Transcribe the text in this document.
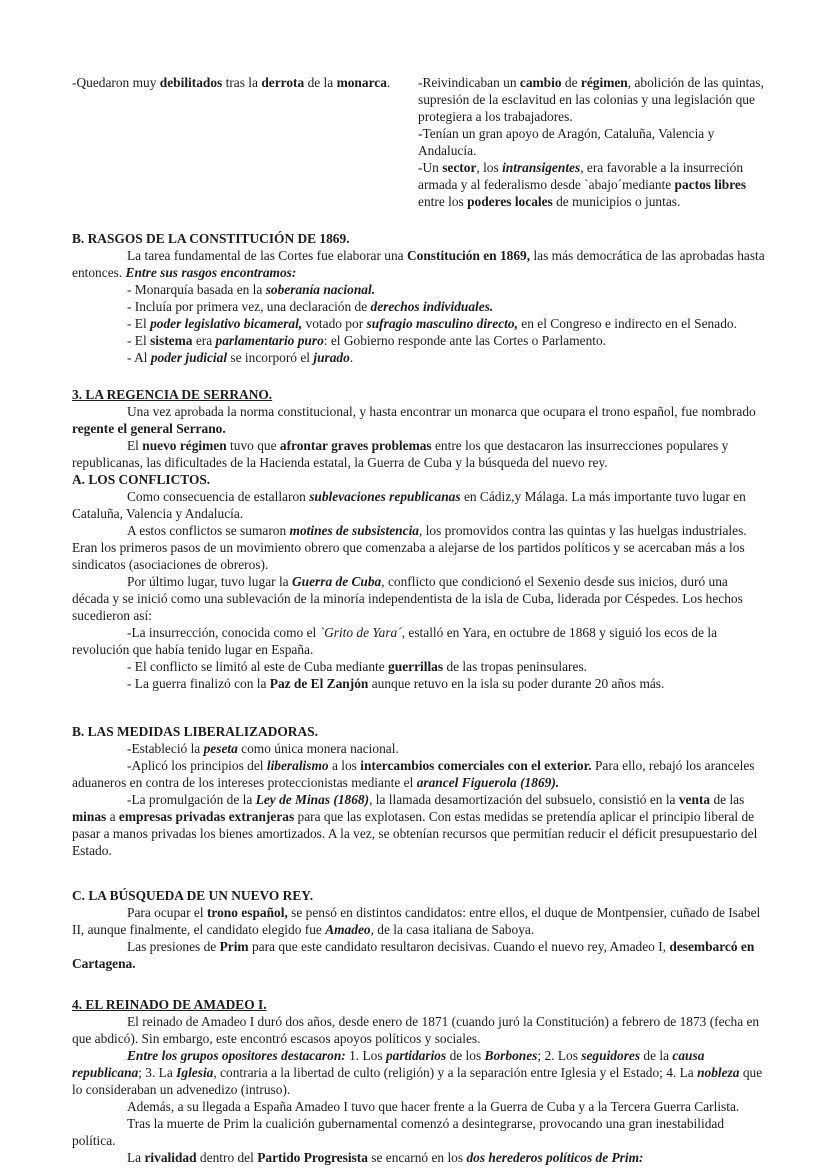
-Quedaron muy debilitados tras la derrota de la monarca.	-Reivindicaban un cambio de régimen, abolición de las quintas, supresión de la esclavitud en las colonias y una legislación que protegiera a los trabajadores.
-Tenían un gran apoyo de Aragón, Cataluña, Valencia y Andalucía.
-Un sector, los intransigentes, era favorable a la insurreción armada y al federalismo desde `abajo´mediante pactos libres entre los poderes locales de municipios o juntas.
B. RASGOS DE LA CONSTITUCIÓN DE 1869.
La tarea fundamental de las Cortes fue elaborar una Constitución en 1869, las más democrática de las aprobadas hasta entonces. Entre sus rasgos encontramos:
- Monarquía basada en la soberanía nacional.
- Incluía por primera vez, una declaración de derechos individuales.
- El poder legislativo bicameral, votado por sufragio masculino directo, en el Congreso e indirecto en el Senado.
- El sistema era parlamentario puro: el Gobierno responde ante las Cortes o Parlamento.
- Al poder judicial se incorporó el jurado.
3. LA REGENCIA DE SERRANO.
Una vez aprobada la norma constitucional, y hasta encontrar un monarca que ocupara el trono español, fue nombrado regente el general Serrano.
El nuevo régimen tuvo que afrontar graves problemas entre los que destacaron las insurrecciones populares y republicanas, las dificultades de la Hacienda estatal, la Guerra de Cuba y la búsqueda del nuevo rey.
A. LOS CONFLICTOS.
Como consecuencia de estallaron sublevaciones republicanas en Cádiz,y Málaga. La más importante tuvo lugar en Cataluña, Valencia y Andalucía.
A estos conflictos se sumaron motines de subsistencia, los promovidos contra las quintas y las huelgas industriales. Eran los primeros pasos de un movimiento obrero que comenzaba a alejarse de los partidos políticos y se acercaban más a los sindicatos (asociaciones de obreros).
Por último lugar, tuvo lugar la Guerra de Cuba, conflicto que condicionó el Sexenio desde sus inicios, duró una década y se inició como una sublevación de la minoría independentista de la isla de Cuba, liderada por Céspedes. Los hechos sucedieron así:
-La insurrección, conocida como el `Grito de Yara´, estalló en Yara, en octubre de 1868 y siguió los ecos de la revolución que había tenido lugar en España.
- El conflicto se limitó al este de Cuba mediante guerrillas de las tropas peninsulares.
- La guerra finalizó con la Paz de El Zanjón aunque retuvo en la isla su poder durante 20 años más.
B. LAS MEDIDAS LIBERALIZADORAS.
-Estableció la peseta como única monera nacional.
-Aplicó los principios del liberalismo a los intercambios comerciales con el exterior. Para ello, rebajó los aranceles aduaneros en contra de los intereses proteccionistas mediante el arancel Figuerola (1869).
-La promulgación de la Ley de Minas (1868), la llamada desamortización del subsuelo, consistió en la venta de las minas a empresas privadas extranjeras para que las explotasen. Con estas medidas se pretendía aplicar el principio liberal de pasar a manos privadas los bienes amortizados. A la vez, se obtenían recursos que permitían reducir el déficit presupuestario del Estado.
C. LA BÚSQUEDA DE UN NUEVO REY.
Para ocupar el trono español, se pensó en distintos candidatos: entre ellos, el duque de Montpensier, cuñado de Isabel II, aunque finalmente, el candidato elegido fue Amadeo, de la casa italiana de Saboya.
Las presiones de Prim para que este candidato resultaron decisivas. Cuando el nuevo rey, Amadeo I, desembarcó en Cartagena.
4. EL REINADO DE AMADEO I.
El reinado de Amadeo I duró dos años, desde enero de 1871 (cuando juró la Constitución) a febrero de 1873 (fecha en que abdicó). Sin embargo, este encontró escasos apoyos políticos y sociales.
Entre los grupos opositores destacaron: 1. Los partidarios de los Borbones; 2. Los seguidores de la causa republicana; 3. La Iglesia, contraria a la libertad de culto (religión) y a la separación entre Iglesia y el Estado; 4. La nobleza que lo consideraban un advenedizo (intruso).
Además, a su llegada a España Amadeo I tuvo que hacer frente a la Guerra de Cuba y a la Tercera Guerra Carlista.
Tras la muerte de Prim la cualición gubernamental comenzó a desintegrarse, provocando una gran inestabilidad política.
La rivalidad dentro del Partido Progresista se encarnó en los dos herederos políticos de Prim:
